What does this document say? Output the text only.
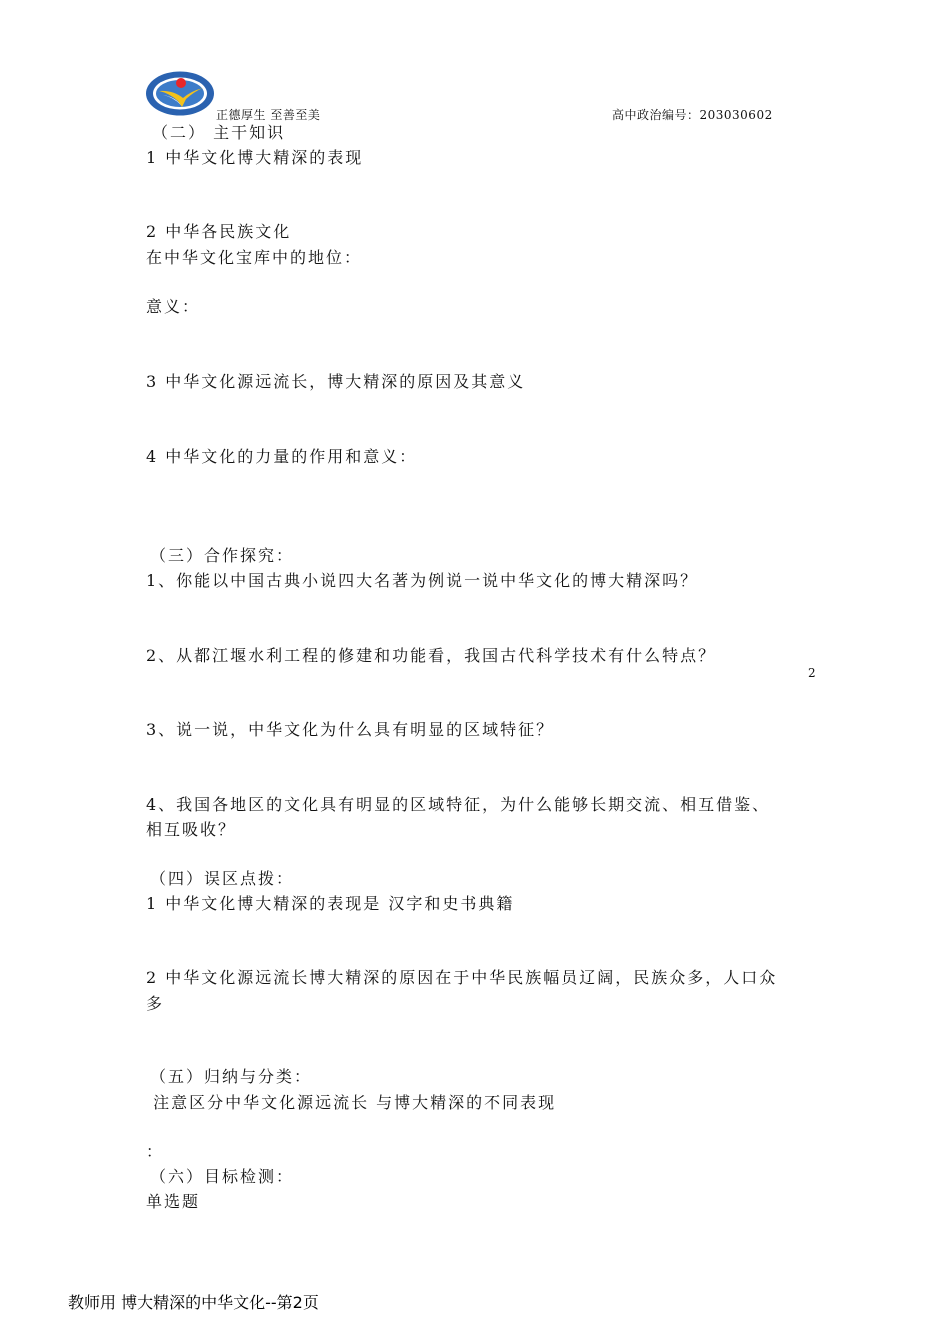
正德厚生 至善至美	高中政治编号：203030602
2
（二） 主干知识
1 中华文化博大精深的表现
2 中华各民族文化
在中华文化宝库中的地位：
意义：
3 中华文化源远流长，博大精深的原因及其意义
4 中华文化的力量的作用和意义：
（三）合作探究：
1、你能以中国古典小说四大名著为例说一说中华文化的博大精深吗？
2、从都江堰水利工程的修建和功能看，我国古代科学技术有什么特点？
3、说一说，中华文化为什么具有明显的区域特征？
4、我国各地区的文化具有明显的区域特征，为什么能够长期交流、相互借鉴、
相互吸收？
（四）误区点拨：
1 中华文化博大精深的表现是 汉字和史书典籍
2 中华文化源远流长博大精深的原因在于中华民族幅员辽阔，民族众多，人口众
多
（五）归纳与分类：
注意区分中华文化源远流长 与博大精深的不同表现
：
（六）目标检测：
单选题
教师用 博大精深的中华文化--第2页
